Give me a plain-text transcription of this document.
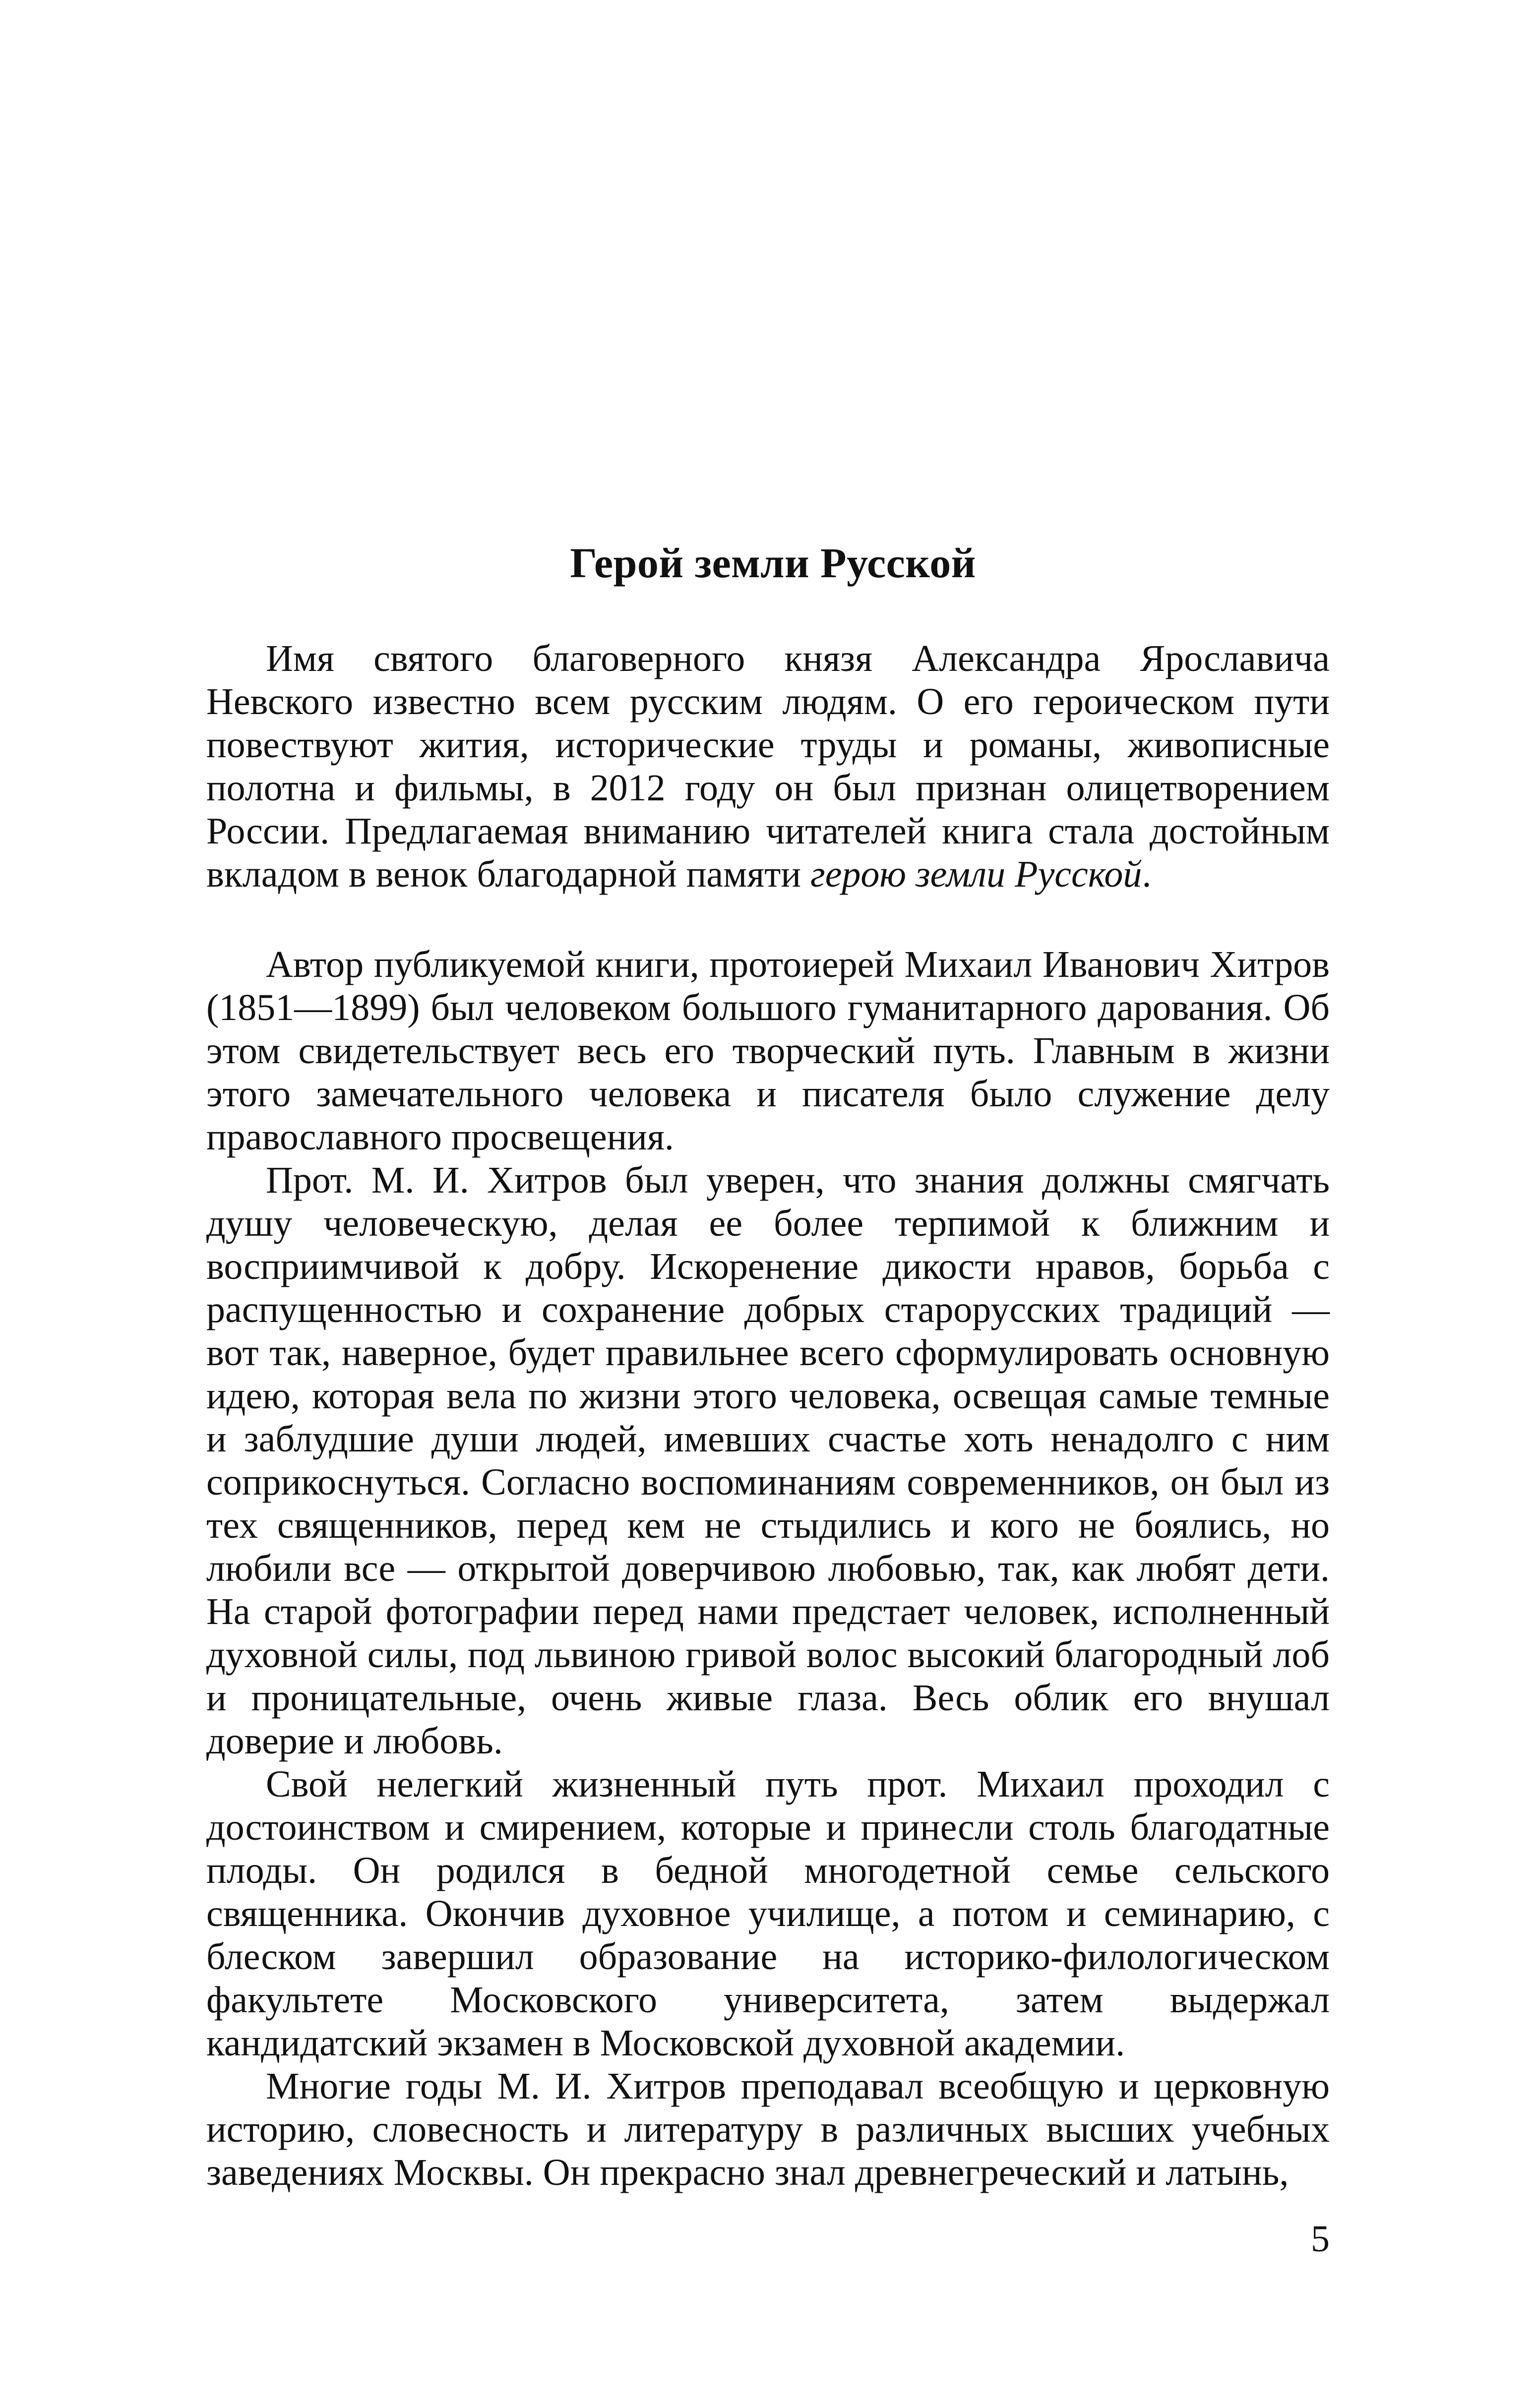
Герой земли Русской

Имя святого благоверного князя Александра Ярославича Невского известно всем русским людям. О его героическом пути повествуют жития, исторические труды и романы, живописные полотна и фильмы, в 2012 году он был признан олицетворением России. Предлагаемая вниманию читателей книга стала достойным вкладом в венок благодарной памяти герою земли Русской.

Автор публикуемой книги, протоиерей Михаил Иванович Хитров (1851—1899) был человеком большого гуманитарного дарования. Об этом свидетельствует весь его творческий путь. Главным в жизни этого замечательного человека и писателя было служение делу православного просвещения.

Прот. М. И. Хитров был уверен, что знания должны смягчать душу человеческую, делая ее более терпимой к ближним и восприимчивой к добру. Искоренение дикости нравов, борьба с распущенностью и сохранение добрых старорусских традиций — вот так, наверное, будет правильнее всего сформулировать основную идею, которая вела по жизни этого человека, освещая самые темные и заблудшие души людей, имевших счастье хоть ненадолго с ним соприкоснуться. Согласно воспоминаниям современников, он был из тех священников, перед кем не стыдились и кого не боялись, но любили все — открытой доверчивою любовью, так, как любят дети. На старой фотографии перед нами предстает человек, исполненный духовной силы, под львиною гривой волос высокий благородный лоб и проницательные, очень живые глаза. Весь облик его внушал доверие и любовь.

Свой нелегкий жизненный путь прот. Михаил проходил с достоинством и смирением, которые и принесли столь благодатные плоды. Он родился в бедной многодетной семье сельского священника. Окончив духовное училище, а потом и семинарию, с блеском завершил образование на историко-филологическом факультете Московского университета, затем выдержал кандидатский экзамен в Московской духовной академии.

Многие годы М. И. Хитров преподавал всеобщую и церковную историю, словесность и литературу в различных высших учебных заведениях Москвы. Он прекрасно знал древнегреческий и латынь,

5
